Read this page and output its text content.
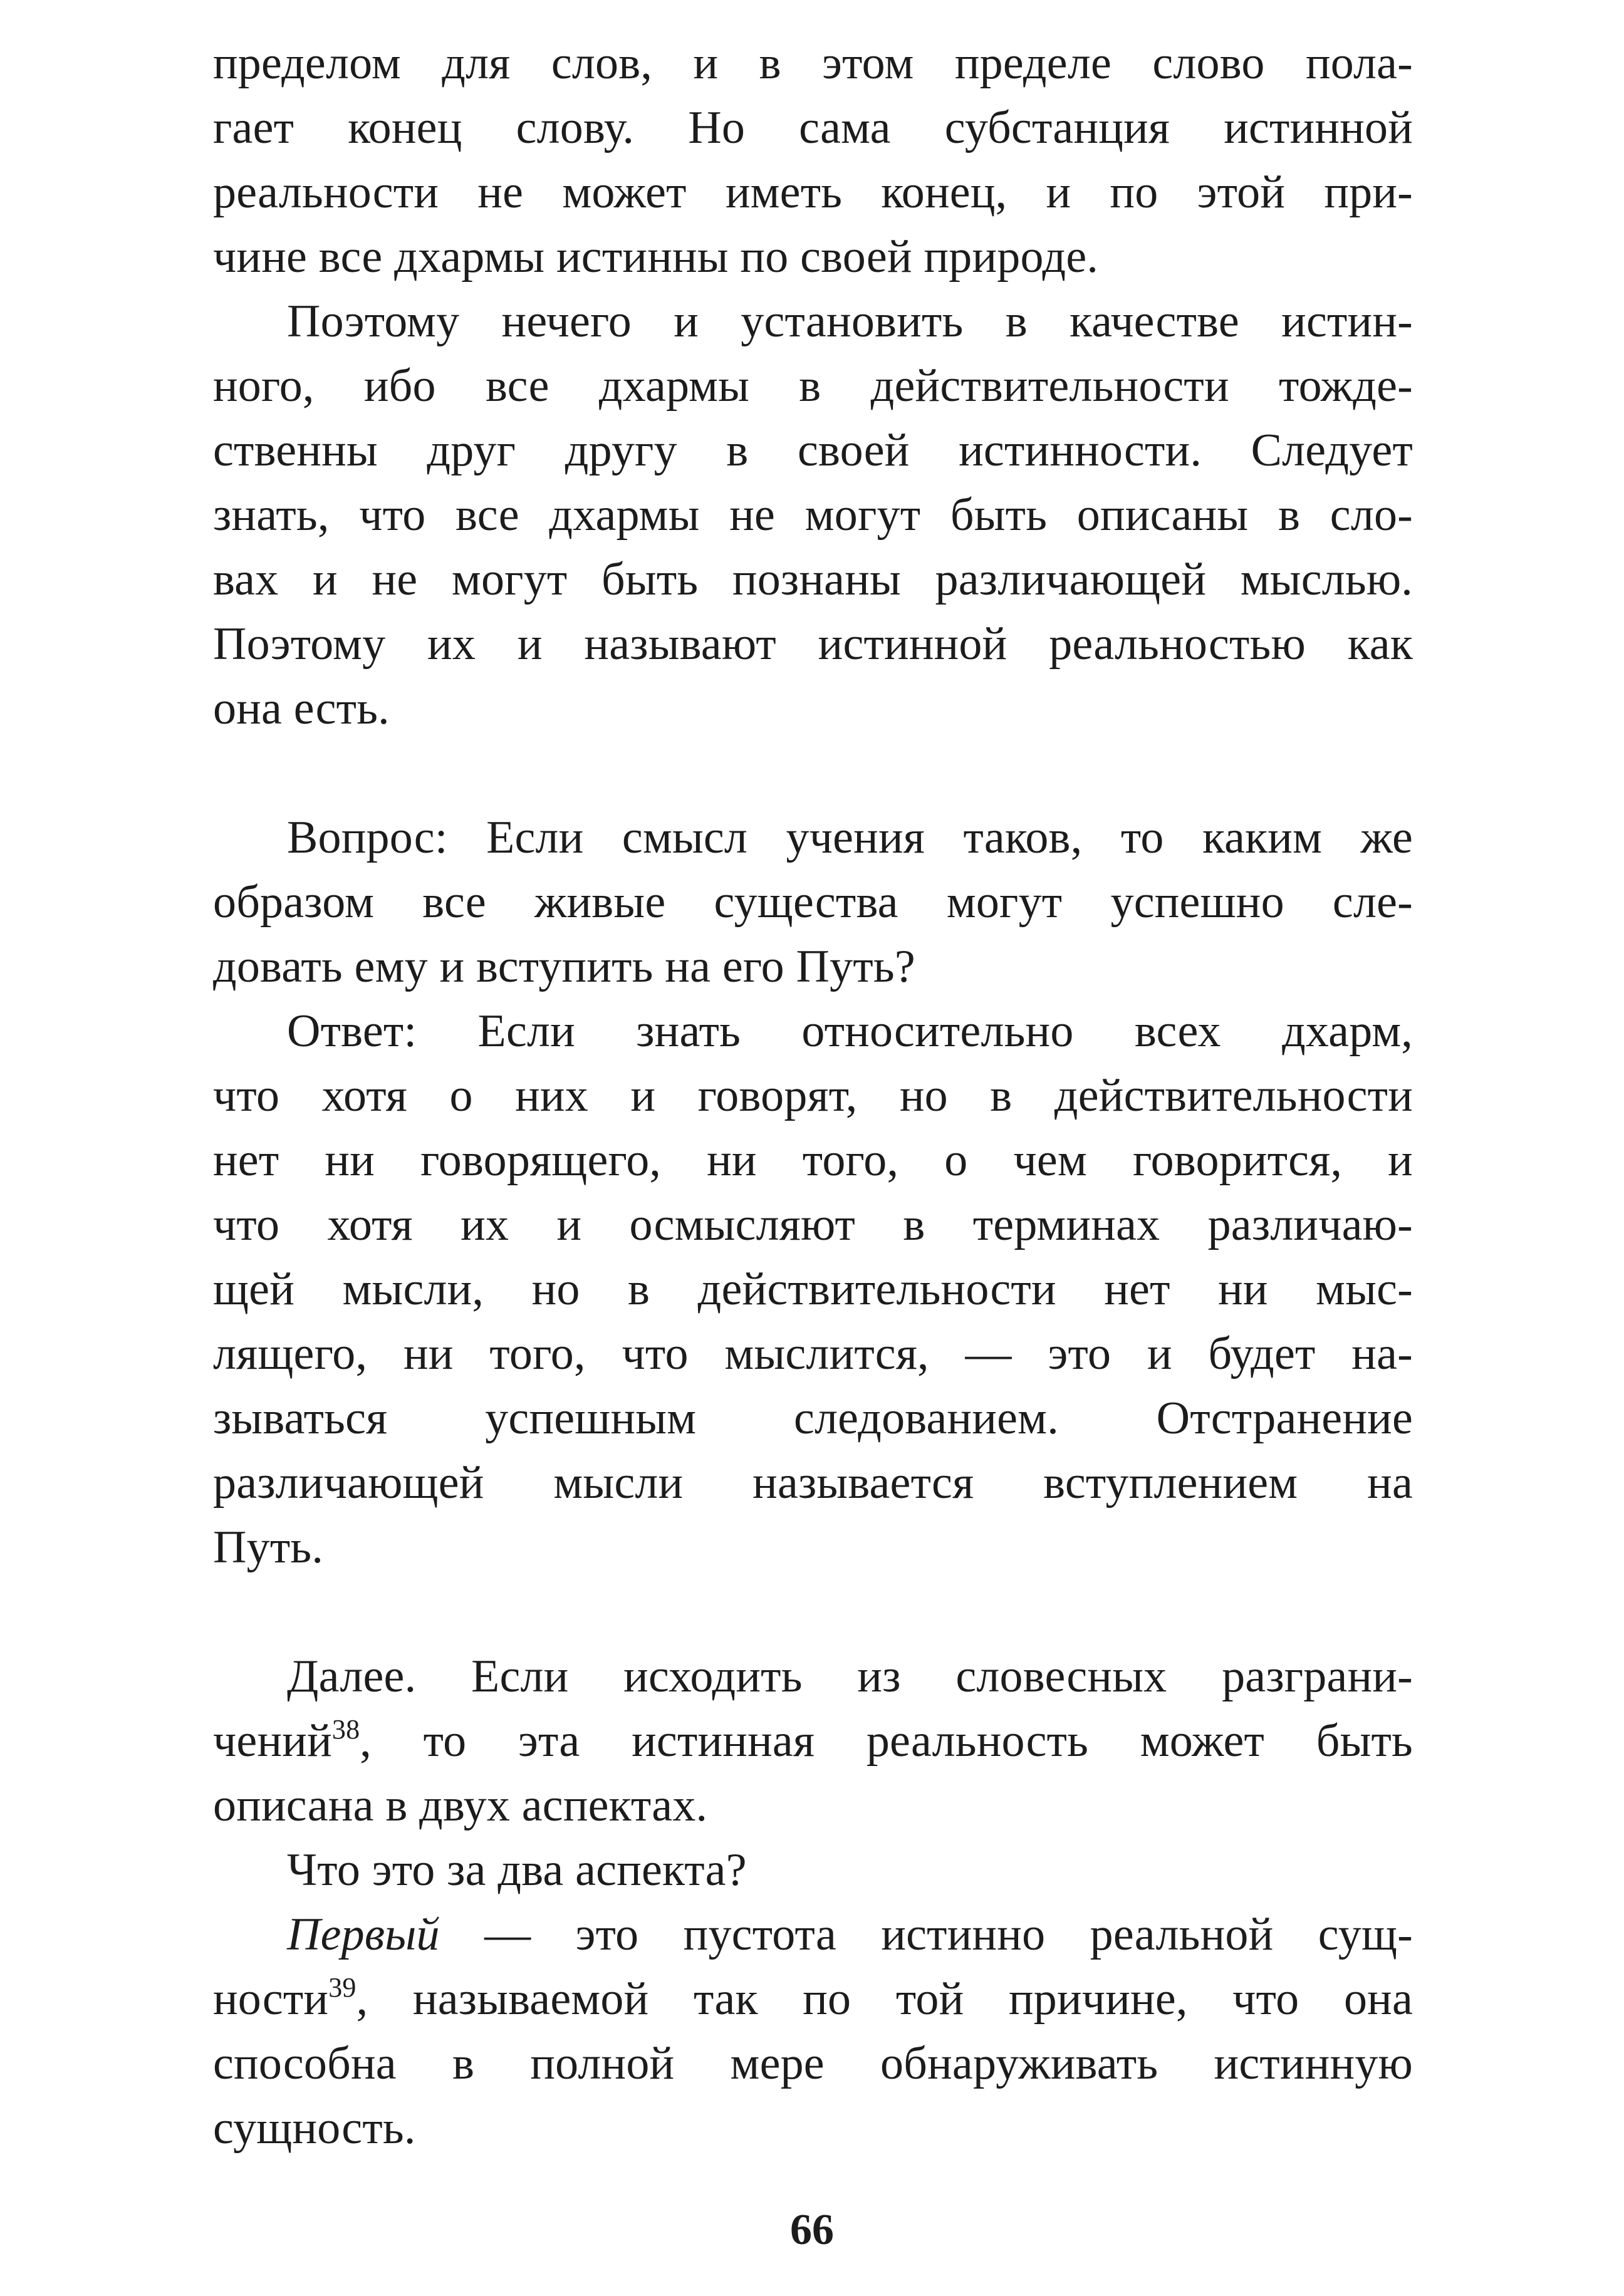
пределом для слов, и в этом пределе слово пола-
гает конец слову. Но сама субстанция истинной
реальности не может иметь конец, и по этой при-
чине все дхармы истинны по своей природе.
Поэтому нечего и установить в качестве истин-
ного, ибо все дхармы в действительности тожде-
ственны друг другу в своей истинности. Следует
знать, что все дхармы не могут быть описаны в сло-
вах и не могут быть познаны различающей мыслью.
Поэтому их и называют истинной реальностью как
она есть.
Вопрос: Если смысл учения таков, то каким же
образом все живые существа могут успешно сле-
довать ему и вступить на его Путь?
Ответ: Если знать относительно всех дхарм,
что хотя о них и говорят, но в действительности
нет ни говорящего, ни того, о чем говорится, и
что хотя их и осмысляют в терминах различаю-
щей мысли, но в действительности нет ни мыс-
лящего, ни того, что мыслится, — это и будет на-
зываться успешным следованием. Отстранение
различающей мысли называется вступлением на
Путь.
Далее. Если исходить из словесных разграни-
чений$^{38}$, то эта истинная реальность может быть
описана в двух аспектах.
Что это за два аспекта?
Первый — это пустота истинно реальной сущ-
ности$^{39}$, называемой так по той причине, что она
способна в полной мере обнаруживать истинную
сущность.
66
